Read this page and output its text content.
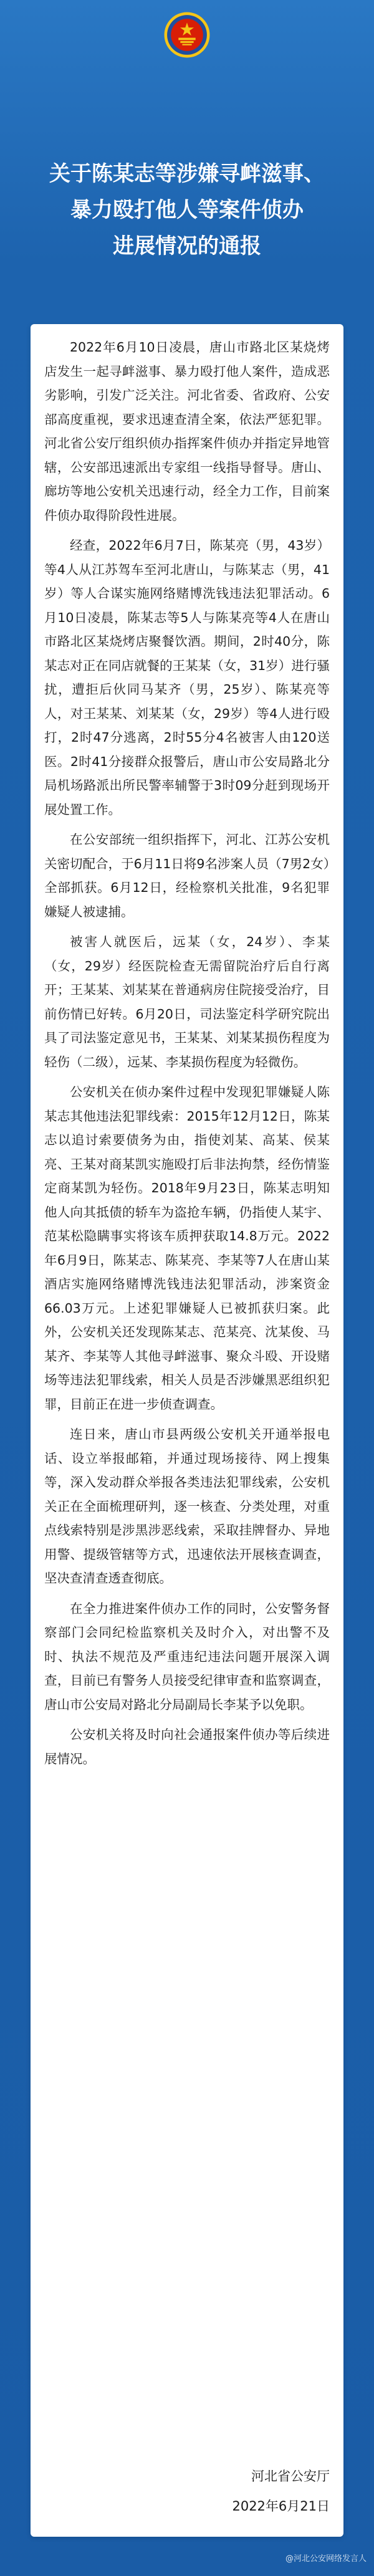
关于陈某志等涉嫌寻衅滋事、
暴力殴打他人等案件侦办
进展情况的通报

2022年6月10日凌晨，唐山市路北区某烧烤店发生一起寻衅滋事、暴力殴打他人案件，造成恶劣影响，引发广泛关注。河北省委、省政府、公安部高度重视，要求迅速查清全案，依法严惩犯罪。河北省公安厅组织侦办指挥案件侦办并指定异地管辖，公安部迅速派出专家组一线指导督导。唐山、廊坊等地公安机关迅速行动，经全力工作，目前案件侦办取得阶段性进展。

经查，2022年6月7日，陈某亮（男，43岁）等4人从江苏驾车至河北唐山，与陈某志（男，41岁）等人合谋实施网络赌博洗钱违法犯罪活动。6月10日凌晨，陈某志等5人与陈某亮等4人在唐山市路北区某烧烤店聚餐饮酒。期间，2时40分，陈某志对正在同店就餐的王某某（女，31岁）进行骚扰，遭拒后伙同马某齐（男，25岁）、陈某亮等人，对王某某、刘某某（女，29岁）等4人进行殴打，2时47分逃离，2时55分4名被害人由120送医。2时41分接群众报警后，唐山市公安局路北分局机场路派出所民警率辅警于3时09分赶到现场开展处置工作。

在公安部统一组织指挥下，河北、江苏公安机关密切配合，于6月11日将9名涉案人员（7男2女）全部抓获。6月12日，经检察机关批准，9名犯罪嫌疑人被逮捕。

被害人就医后，远某（女，24岁）、李某（女，29岁）经医院检查无需留院治疗后自行离开；王某某、刘某某在普通病房住院接受治疗，目前伤情已好转。6月20日，司法鉴定科学研究院出具了司法鉴定意见书，王某某、刘某某损伤程度为轻伤（二级），远某、李某损伤程度为轻微伤。

公安机关在侦办案件过程中发现犯罪嫌疑人陈某志其他违法犯罪线索：2015年12月12日，陈某志以追讨索要债务为由，指使刘某、高某、侯某亮、王某对商某凯实施殴打后非法拘禁，经伤情鉴定商某凯为轻伤。2018年9月23日，陈某志明知他人向其抵债的轿车为盗抢车辆，仍指使人某宇、范某松隐瞒事实将该车质押获取14.8万元。2022年6月9日，陈某志、陈某亮、李某等7人在唐山某酒店实施网络赌博洗钱违法犯罪活动，涉案资金66.03万元。上述犯罪嫌疑人已被抓获归案。此外，公安机关还发现陈某志、范某亮、沈某俊、马某齐、李某等人其他寻衅滋事、聚众斗殴、开设赌场等违法犯罪线索，相关人员是否涉嫌黑恶组织犯罪，目前正在进一步侦查调查。

连日来，唐山市县两级公安机关开通举报电话、设立举报邮箱，并通过现场接待、网上搜集等，深入发动群众举报各类违法犯罪线索，公安机关正在全面梳理研判，逐一核查、分类处理，对重点线索特别是涉黑涉恶线索，采取挂牌督办、异地用警、提级管辖等方式，迅速依法开展核查调查，坚决查清查透查彻底。

在全力推进案件侦办工作的同时，公安警务督察部门会同纪检监察机关及时介入，对出警不及时、执法不规范及严重违纪违法问题开展深入调查，目前已有警务人员接受纪律审查和监察调查，唐山市公安局对路北分局副局长李某予以免职。

公安机关将及时向社会通报案件侦办等后续进展情况。

河北省公安厅
2022年6月21日
@河北公安网络发言人
